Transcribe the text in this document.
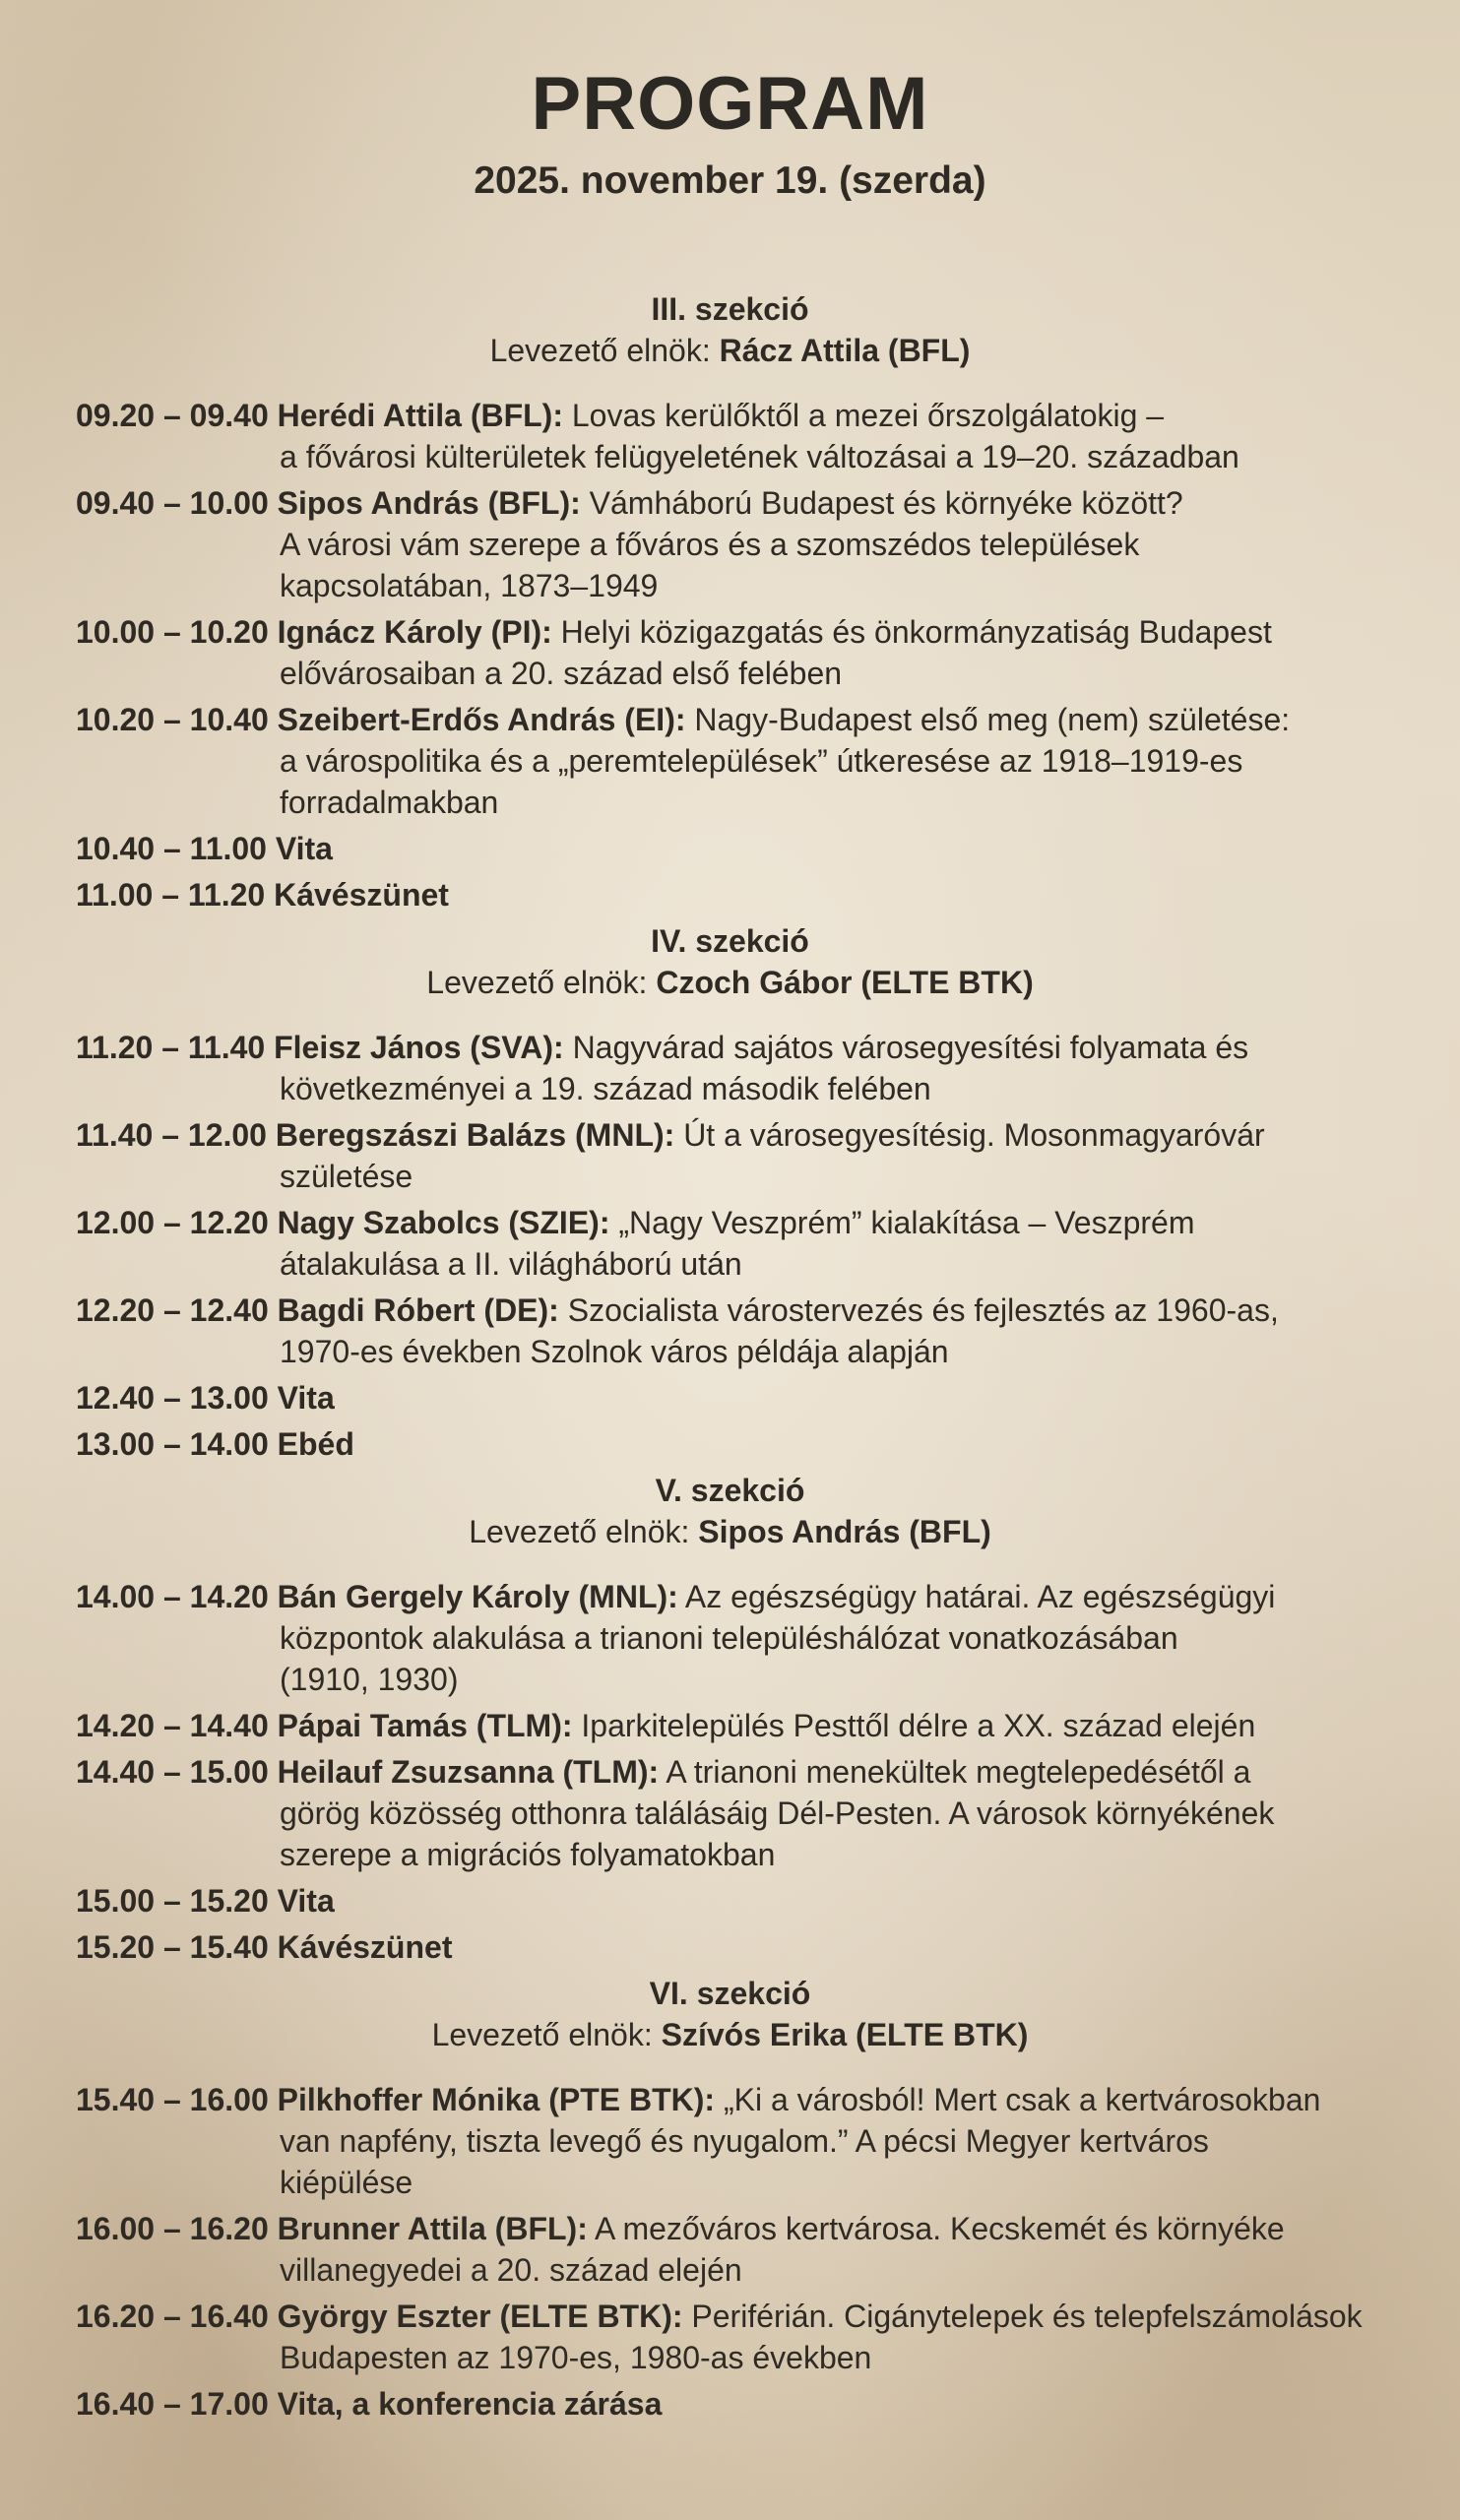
PROGRAM
2025. november 19. (szerda)
III. szekció
Levezető elnök: Rácz Attila (BFL)
09.20 – 09.40 Herédi Attila (BFL): Lovas kerülőktől a mezei őrszolgálatokig –
a fővárosi külterületek felügyeletének változásai a 19–20. században
09.40 – 10.00 Sipos András (BFL): Vámháború Budapest és környéke között?
A városi vám szerepe a főváros és a szomszédos települések
kapcsolatában, 1873–1949
10.00 – 10.20 Ignácz Károly (PI): Helyi közigazgatás és önkormányzatiság Budapest
elővárosaiban a 20. század első felében
10.20 – 10.40 Szeibert-Erdős András (EI): Nagy-Budapest első meg (nem) születése:
a várospolitika és a „peremtelepülések” útkeresése az 1918–1919-es
forradalmakban
10.40 – 11.00 Vita
11.00 – 11.20 Kávészünet
IV. szekció
Levezető elnök: Czoch Gábor (ELTE BTK)
11.20 – 11.40 Fleisz János (SVA): Nagyvárad sajátos városegyesítési folyamata és
következményei a 19. század második felében
11.40 – 12.00 Beregszászi Balázs (MNL): Út a városegyesítésig. Mosonmagyaróvár
születése
12.00 – 12.20 Nagy Szabolcs (SZIE): „Nagy Veszprém” kialakítása – Veszprém
átalakulása a II. világháború után
12.20 – 12.40 Bagdi Róbert (DE): Szocialista várostervezés és fejlesztés az 1960-as,
1970-es években Szolnok város példája alapján
12.40 – 13.00 Vita
13.00 – 14.00 Ebéd
V. szekció
Levezető elnök: Sipos András (BFL)
14.00 – 14.20 Bán Gergely Károly (MNL): Az egészségügy határai. Az egészségügyi
központok alakulása a trianoni településhálózat vonatkozásában
(1910, 1930)
14.20 – 14.40 Pápai Tamás (TLM): Iparkitelepülés Pesttől délre a XX. század elején
14.40 – 15.00 Heilauf Zsuzsanna (TLM): A trianoni menekültek megtelepedésétől a
görög közösség otthonra találásáig Dél-Pesten. A városok környékének
szerepe a migrációs folyamatokban
15.00 – 15.20 Vita
15.20 – 15.40 Kávészünet
VI. szekció
Levezető elnök: Szívós Erika (ELTE BTK)
15.40 – 16.00 Pilkhoffer Mónika (PTE BTK): „Ki a városból! Mert csak a kertvárosokban
van napfény, tiszta levegő és nyugalom.” A pécsi Megyer kertváros
kiépülése
16.00 – 16.20 Brunner Attila (BFL): A mezőváros kertvárosa. Kecskemét és környéke
villanegyedei a 20. század elején
16.20 – 16.40 György Eszter (ELTE BTK): Periférián. Cigánytelepek és telepfelszámolások
Budapesten az 1970-es, 1980-as években
16.40 – 17.00 Vita, a konferencia zárása
